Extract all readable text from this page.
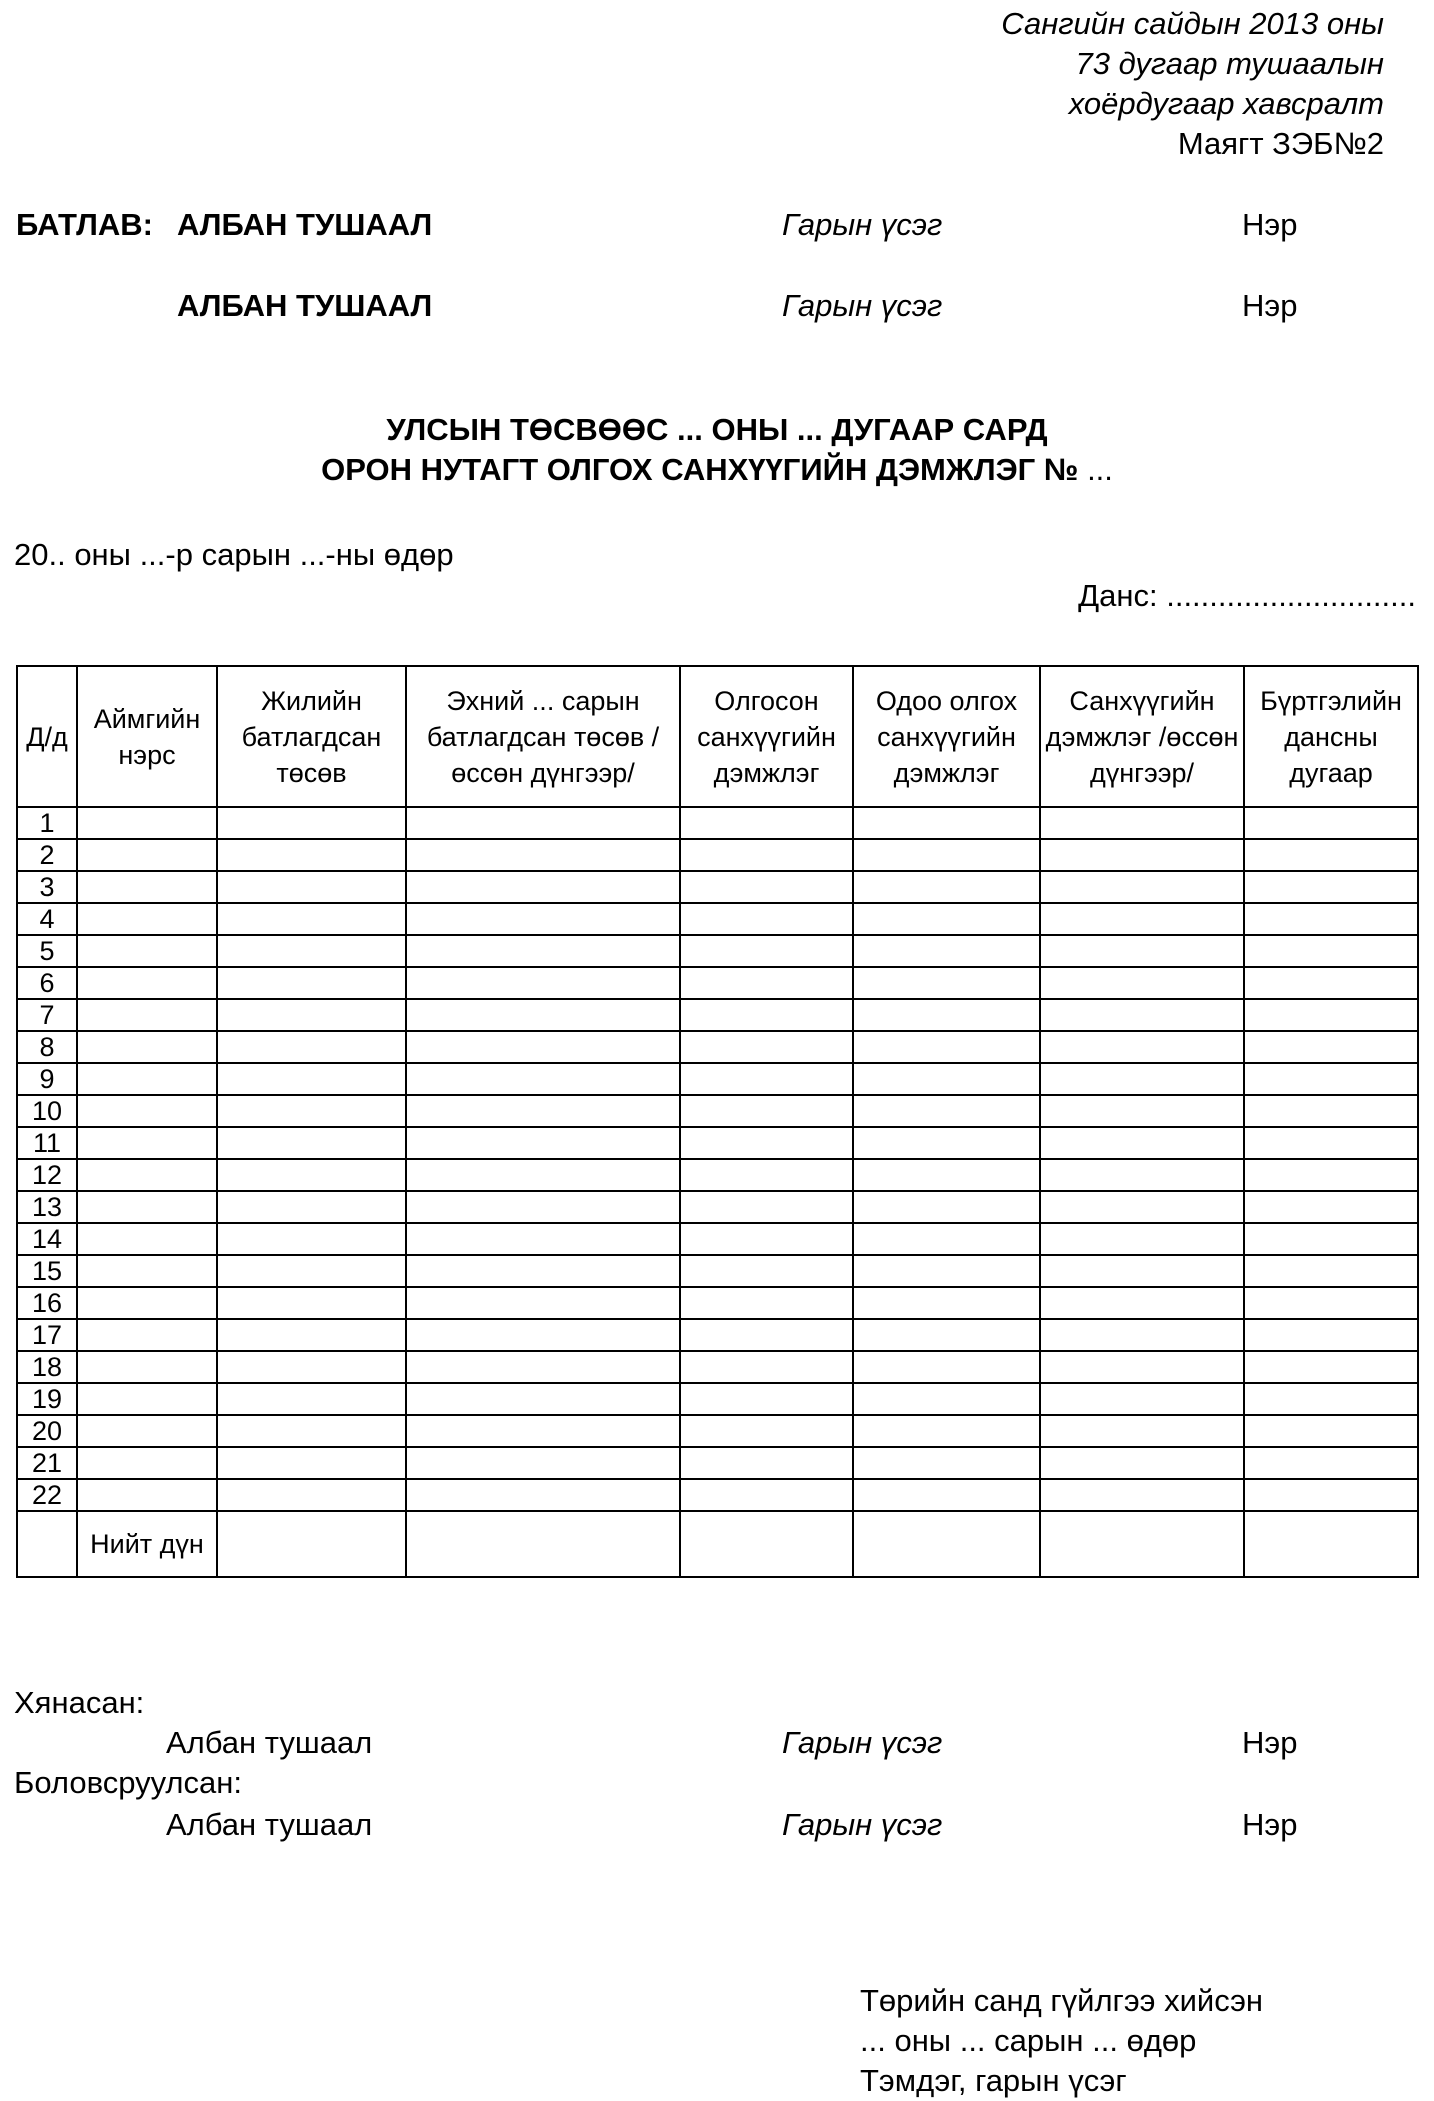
Сангийн сайдын 2013 оны
73 дугаар тушаалын
хоёрдугаар хавсралт
Маягт ЗЭБ№2
БАТЛАВ: АЛБАН ТУШААЛ	Гарын үсэг	Нэр
АЛБАН ТУШААЛ	Гарын үсэг	Нэр
УЛСЫН ТӨСВӨӨС ... ОНЫ ... ДУГААР САРД
ОРОН НУТАГТ ОЛГОХ САНХҮҮГИЙН ДЭМЖЛЭГ № ...
20.. оны ...-р сарын ...-ны өдөр
Данс: .............................
Д/д	Аймгийн нэрс	Жилийн батлагдсан төсөв	Эхний ... сарын батлагдсан төсөв /өссөн дүнгээр/	Олгосон санхүүгийн дэмжлэг	Одоо олгох санхүүгийн дэмжлэг	Санхүүгийн дэмжлэг /өссөн дүнгээр/	Бүртгэлийн дансны дугаар
1							
2							
3							
4							
5							
6							
7							
8							
9							
10							
11							
12							
13							
14							
15							
16							
17							
18							
19							
20							
21							
22							
	Нийт дүн						
Хянасан:
Албан тушаал	Гарын үсэг	Нэр
Боловсруулсан:
Албан тушаал	Гарын үсэг	Нэр
Төрийн санд гүйлгээ хийсэн
... оны ... сарын ... өдөр
Тэмдэг, гарын үсэг
